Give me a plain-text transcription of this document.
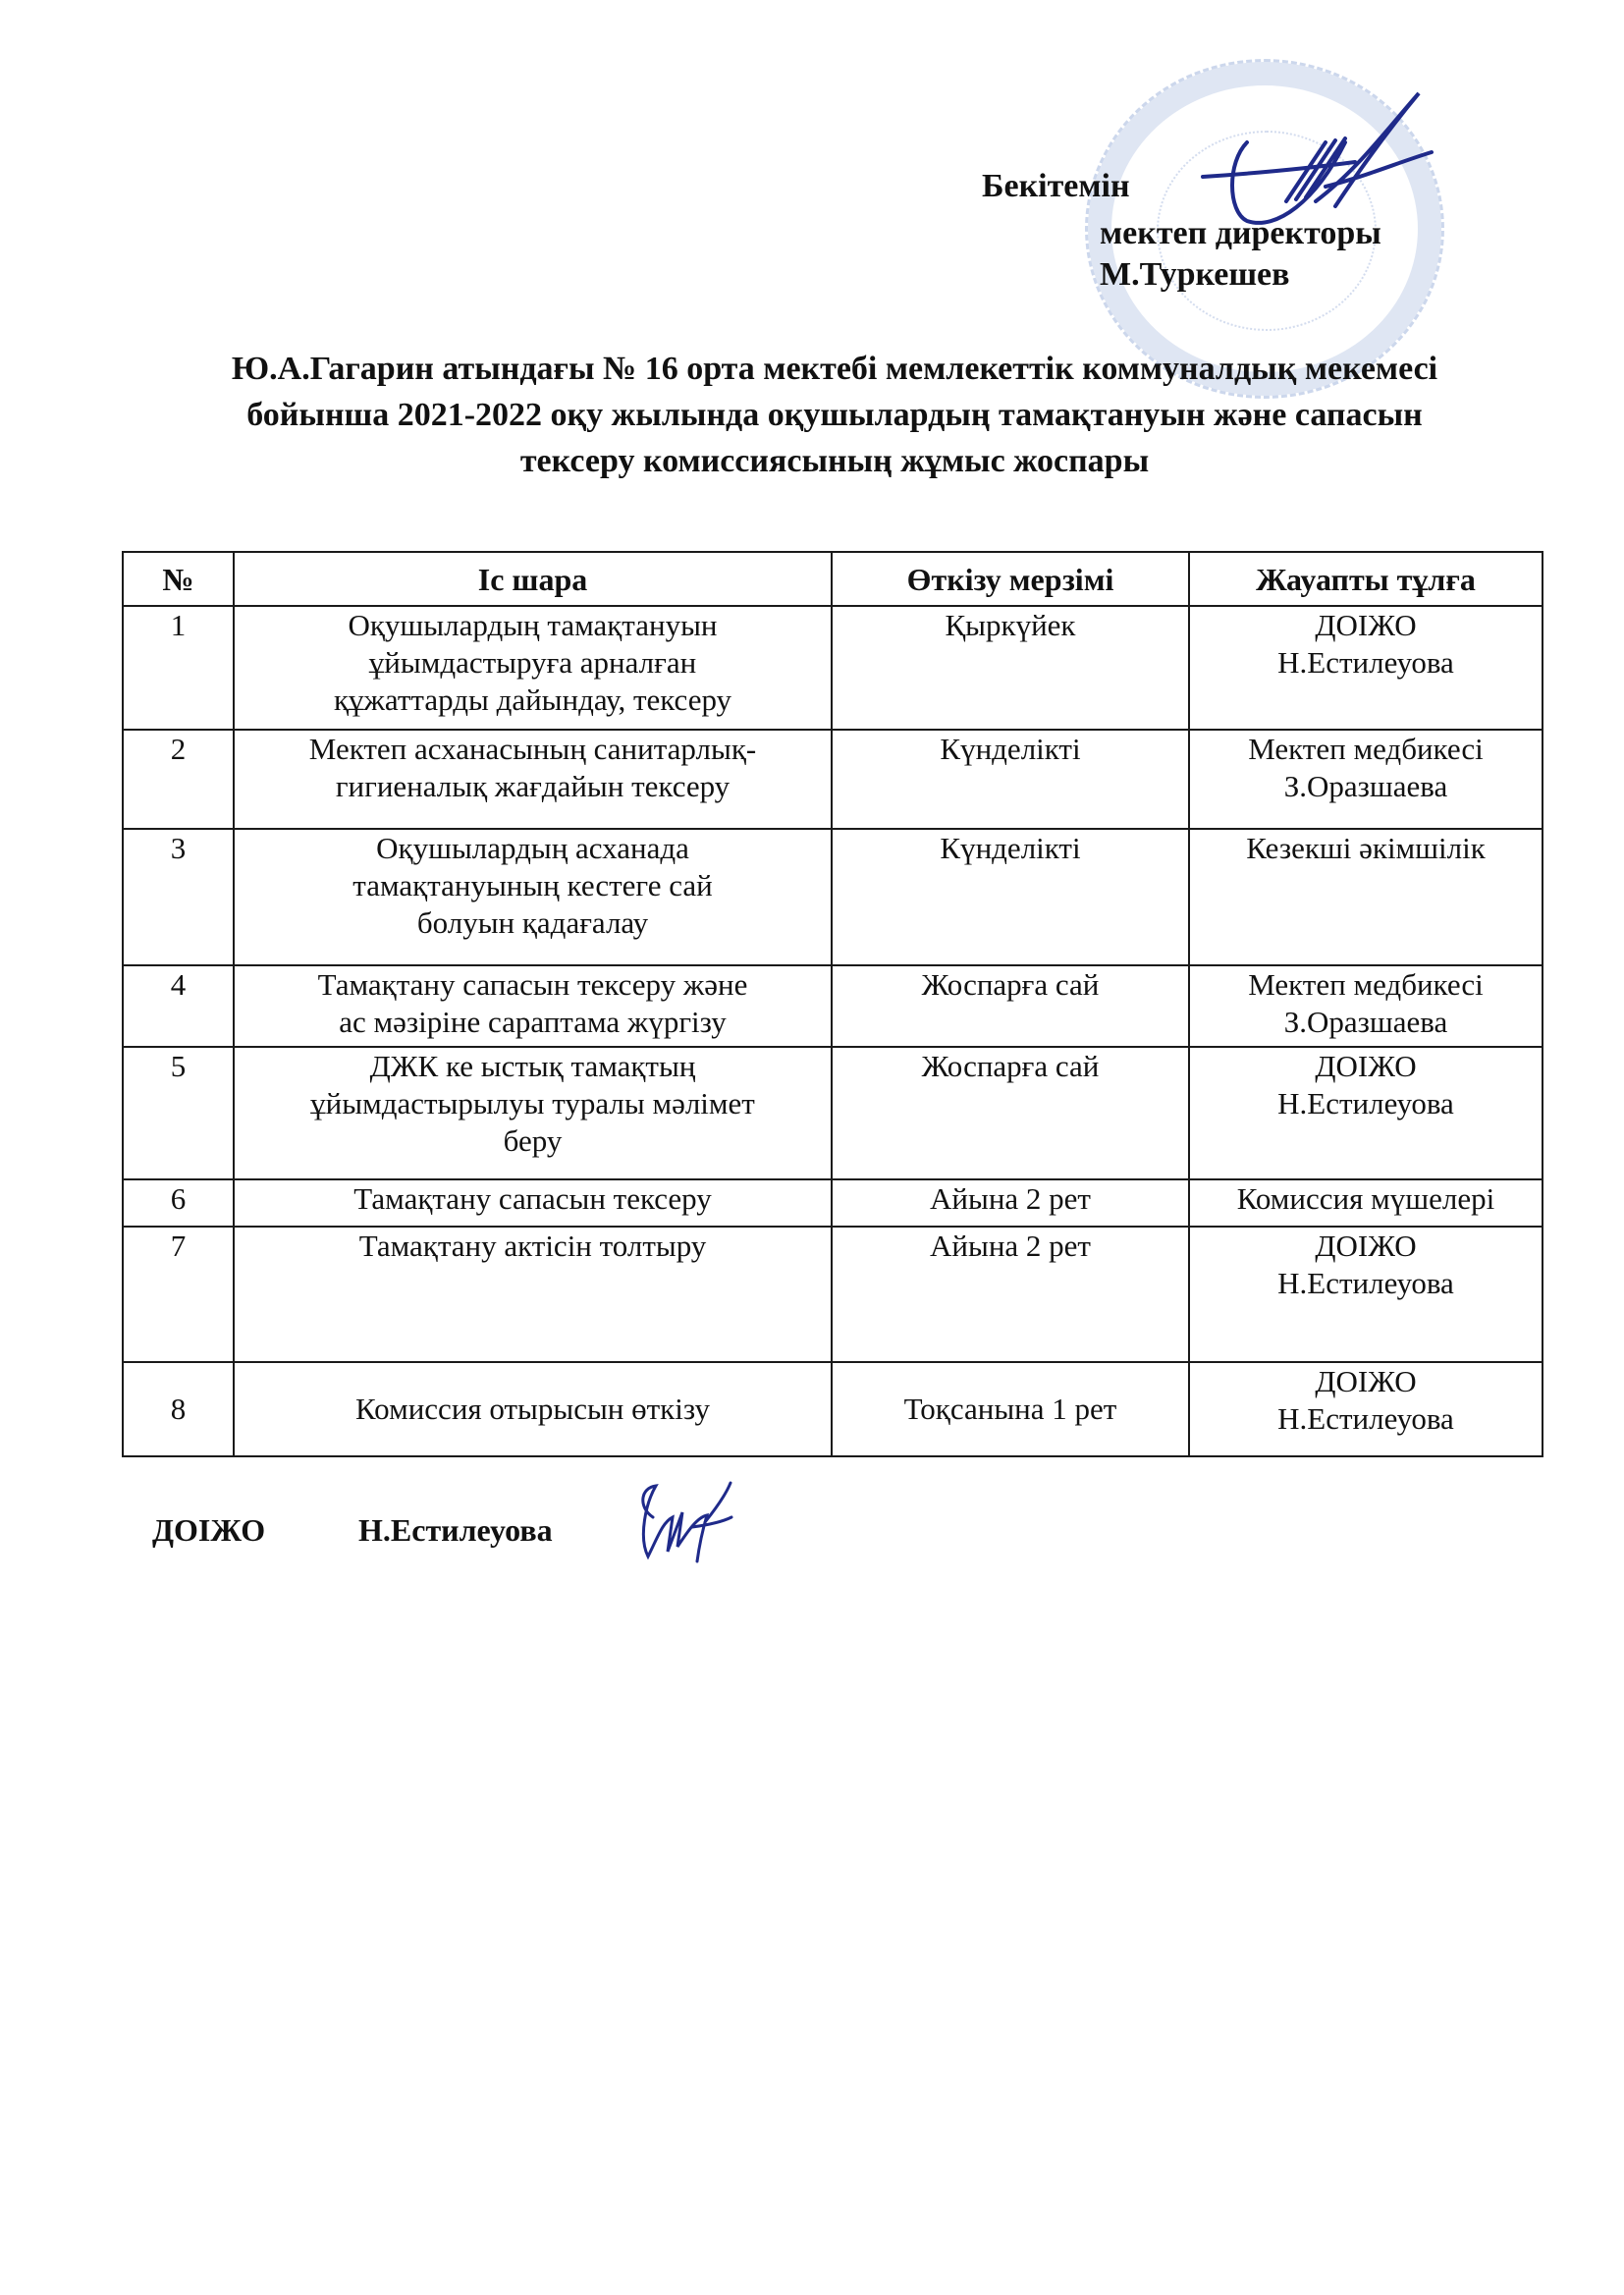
Бекітемін
мектеп директоры
М.Туркешев
Ю.А.Гагарин атындағы № 16 орта мектебі мемлекеттік коммуналдық мекемесі
бойынша 2021-2022 оқу жылында оқушылардың тамақтануын және сапасын
тексеру комиссиясының жұмыс жоспары
№	Іс шара	Өткізу мерзімі	Жауапты тұлға
1	Оқушылардың тамақтануын
ұйымдастыруға арналған
құжаттарды дайындау, тексеру	Қыркүйек	ДОІЖО
Н.Естилеуова
2	Мектеп асханасының санитарлық-
гигиеналық жағдайын тексеру	Күнделікті	Мектеп медбикесі
З.Оразшаева
3	Оқушылардың асханада
тамақтануының кестеге сай
болуын қадағалау	Күнделікті	Кезекші әкімшілік
4	Тамақтану сапасын тексеру және
ас мәзіріне сараптама жүргізу	Жоспарға сай	Мектеп медбикесі
З.Оразшаева
5	ДЖК ке ыстық тамақтың
ұйымдастырылуы туралы мәлімет
беру	Жоспарға сай	ДОІЖО
Н.Естилеуова
6	Тамақтану сапасын тексеру	Айына 2 рет	Комиссия мүшелері
7	Тамақтану актісін толтыру	Айына 2 рет	ДОІЖО
Н.Естилеуова
8	Комиссия отырысын өткізу	Тоқсанына 1 рет	ДОІЖО
Н.Естилеуова
ДОІЖО	Н.Естилеуова
